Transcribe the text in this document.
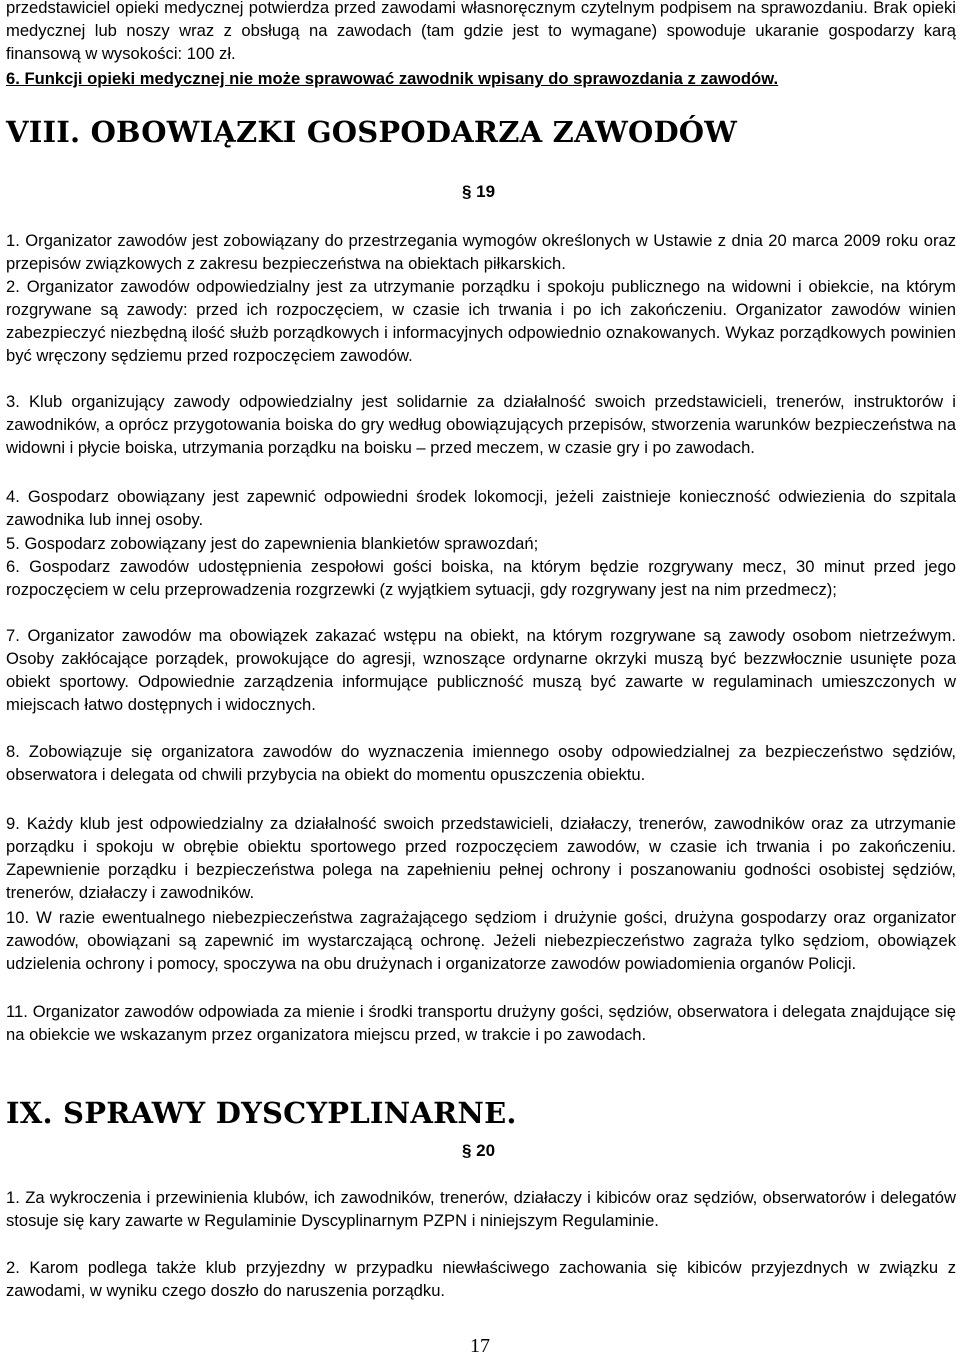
przedstawiciel opieki medycznej potwierdza przed zawodami własnoręcznym czytelnym podpisem na sprawozdaniu. Brak opieki medycznej lub noszy wraz z obsługą na zawodach (tam gdzie jest to wymagane) spowoduje ukaranie gospodarzy karą finansową w wysokości: 100 zł.

6. Funkcji opieki medycznej nie może sprawować zawodnik wpisany do sprawozdania z zawodów.

VIII. OBOWIĄZKI GOSPODARZA ZAWODÓW

§ 19

1. Organizator zawodów jest zobowiązany do przestrzegania wymogów określonych w Ustawie z dnia 20 marca 2009 roku oraz przepisów związkowych z zakresu bezpieczeństwa na obiektach piłkarskich.

2. Organizator zawodów odpowiedzialny jest za utrzymanie porządku i spokoju publicznego na widowni i obiekcie, na którym rozgrywane są zawody: przed ich rozpoczęciem, w czasie ich trwania i po ich zakończeniu. Organizator zawodów winien zabezpieczyć niezbędną ilość służb porządkowych i informacyjnych odpowiednio oznakowanych. Wykaz porządkowych powinien być wręczony sędziemu przed rozpoczęciem zawodów.

3. Klub organizujący zawody odpowiedzialny jest solidarnie za działalność swoich przedstawicieli, trenerów, instruktorów i zawodników, a oprócz przygotowania boiska do gry według obowiązujących przepisów, stworzenia warunków bezpieczeństwa na widowni i płycie boiska, utrzymania porządku na boisku – przed meczem, w czasie gry i po zawodach.

4. Gospodarz obowiązany jest zapewnić odpowiedni środek lokomocji, jeżeli zaistnieje konieczność odwiezienia do szpitala zawodnika lub innej osoby.

5. Gospodarz zobowiązany jest do zapewnienia blankietów sprawozdań;

6. Gospodarz zawodów udostępnienia zespołowi gości boiska, na którym będzie rozgrywany mecz, 30 minut przed jego rozpoczęciem w celu przeprowadzenia rozgrzewki (z wyjątkiem sytuacji, gdy rozgrywany jest na nim przedmecz);

7. Organizator zawodów ma obowiązek zakazać wstępu na obiekt, na którym rozgrywane są zawody osobom nietrzeźwym. Osoby zakłócające porządek, prowokujące do agresji, wznoszące ordynarne okrzyki muszą być bezzwłocznie usunięte poza obiekt sportowy. Odpowiednie zarządzenia informujące publiczność muszą być zawarte w regulaminach umieszczonych w miejscach łatwo dostępnych i widocznych.

8. Zobowiązuje się organizatora zawodów do wyznaczenia imiennego osoby odpowiedzialnej za bezpieczeństwo sędziów, obserwatora i delegata od chwili przybycia na obiekt do momentu opuszczenia obiektu.

9. Każdy klub jest odpowiedzialny za działalność swoich przedstawicieli, działaczy, trenerów, zawodników oraz za utrzymanie porządku i spokoju w obrębie obiektu sportowego przed rozpoczęciem zawodów, w czasie ich trwania i po zakończeniu. Zapewnienie porządku i bezpieczeństwa polega na zapełnieniu pełnej ochrony i poszanowaniu godności osobistej sędziów, trenerów, działaczy i zawodników.

10. W razie ewentualnego niebezpieczeństwa zagrażającego sędziom i drużynie gości, drużyna gospodarzy oraz organizator zawodów, obowiązani są zapewnić im wystarczającą ochronę. Jeżeli niebezpieczeństwo zagraża tylko sędziom, obowiązek udzielenia ochrony i pomocy, spoczywa na obu drużynach i organizatorze zawodów powiadomienia organów Policji.

11. Organizator zawodów odpowiada za mienie i środki transportu drużyny gości, sędziów, obserwatora i delegata znajdujące się na obiekcie we wskazanym przez organizatora miejscu przed, w trakcie i po zawodach.

IX. SPRAWY DYSCYPLINARNE.

§ 20

1. Za wykroczenia i przewinienia klubów, ich zawodników, trenerów, działaczy i kibiców oraz sędziów, obserwatorów i delegatów stosuje się kary zawarte w Regulaminie Dyscyplinarnym PZPN i niniejszym Regulaminie.

2. Karom podlega także klub przyjezdny w przypadku niewłaściwego zachowania się kibiców przyjezdnych w związku z zawodami, w wyniku czego doszło do naruszenia porządku.

17
